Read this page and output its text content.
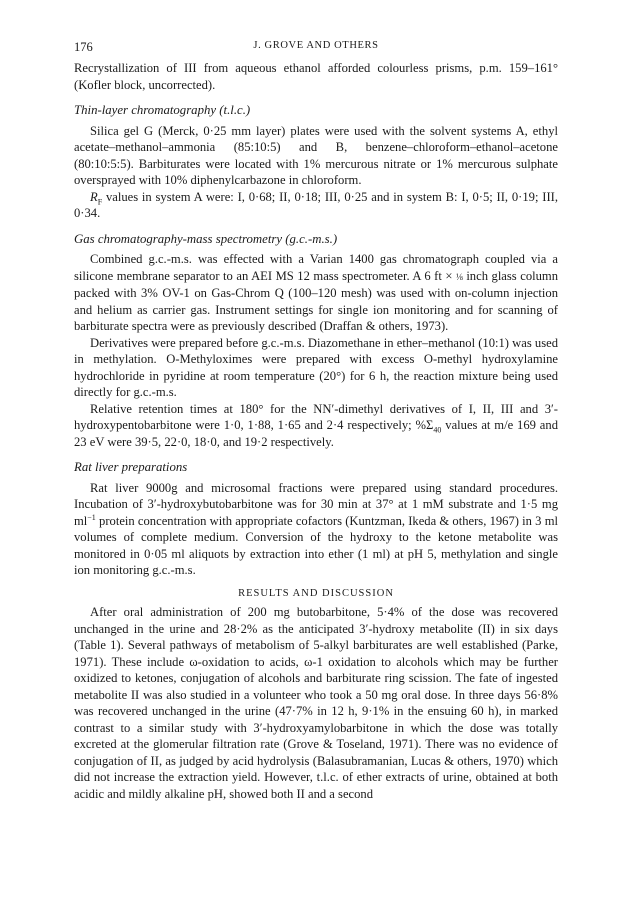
176	J. GROVE AND OTHERS

Recrystallization of III from aqueous ethanol afforded colourless prisms, p.m. 159–161° (Kofler block, uncorrected).

Thin-layer chromatography (t.l.c.)

Silica gel G (Merck, 0·25 mm layer) plates were used with the solvent systems A, ethyl acetate–methanol–ammonia (85:10:5) and B, benzene–chloroform–ethanol–acetone (80:10:5:5). Barbiturates were located with 1% mercurous nitrate or 1% mercurous sulphate oversprayed with 10% diphenylcarbazone in chloroform.

$R_F$ values in system A were: I, 0·68; II, 0·18; III, 0·25 and in system B: I, 0·5; II, 0·19; III, 0·34.

Gas chromatography-mass spectrometry (g.c.-m.s.)

Combined g.c.-m.s. was effected with a Varian 1400 gas chromatograph coupled via a silicone membrane separator to an AEI MS 12 mass spectrometer. A 6 ft × ⅛ inch glass column packed with 3% OV-1 on Gas-Chrom Q (100–120 mesh) was used with on-column injection and helium as carrier gas. Instrument settings for single ion monitoring and for scanning of barbiturate spectra were as previously described (Draffan & others, 1973).

Derivatives were prepared before g.c.-m.s. Diazomethane in ether–methanol (10:1) was used in methylation. O-Methyloximes were prepared with excess O-methyl hydroxylamine hydrochloride in pyridine at room temperature (20°) for 6 h, the reaction mixture being used directly for g.c.-m.s.

Relative retention times at 180° for the NN′-dimethyl derivatives of I, II, III and 3′-hydroxypentobarbitone were 1·0, 1·88, 1·65 and 2·4 respectively; $\%\Sigma_{40}$ values at m/e 169 and 23 eV were 39·5, 22·0, 18·0, and 19·2 respectively.

Rat liver preparations

Rat liver 9000g and microsomal fractions were prepared using standard procedures. Incubation of 3′-hydroxybutobarbitone was for 30 min at 37° at 1 mM substrate and 1·5 mg $ml^{-1}$ protein concentration with appropriate cofactors (Kuntzman, Ikeda & others, 1967) in 3 ml volumes of complete medium. Conversion of the hydroxy to the ketone metabolite was monitored in 0·05 ml aliquots by extraction into ether (1 ml) at pH 5, methylation and single ion monitoring g.c.-m.s.

RESULTS AND DISCUSSION

After oral administration of 200 mg butobarbitone, 5·4% of the dose was recovered unchanged in the urine and 28·2% as the anticipated 3′-hydroxy metabolite (II) in six days (Table 1). Several pathways of metabolism of 5-alkyl barbiturates are well established (Parke, 1971). These include ω-oxidation to acids, ω-1 oxidation to alcohols which may be further oxidized to ketones, conjugation of alcohols and barbiturate ring scission. The fate of ingested metabolite II was also studied in a volunteer who took a 50 mg oral dose. In three days 56·8% was recovered unchanged in the urine (47·7% in 12 h, 9·1% in the ensuing 60 h), in marked contrast to a similar study with 3′-hydroxyamylobarbitone in which the dose was totally excreted at the glomerular filtration rate (Grove & Toseland, 1971). There was no evidence of conjugation of II, as judged by acid hydrolysis (Balasubramanian, Lucas & others, 1970) which did not increase the extraction yield. However, t.l.c. of ether extracts of urine, obtained at both acidic and mildly alkaline pH, showed both II and a second
